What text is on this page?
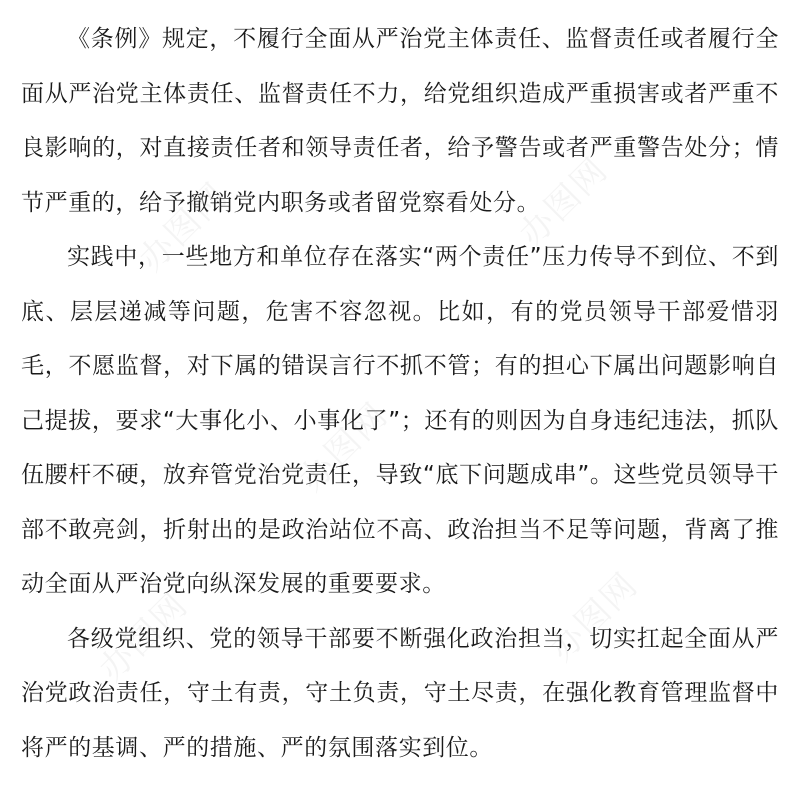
《条例》规定，不履行全面从严治党主体责任、监督责任或者履行全面从严治党主体责任、监督责任不力，给党组织造成严重损害或者严重不良影响的，对直接责任者和领导责任者，给予警告或者严重警告处分；情节严重的，给予撤销党内职务或者留党察看处分。

实践中，一些地方和单位存在落实“两个责任”压力传导不到位、不到底、层层递减等问题，危害不容忽视。比如，有的党员领导干部爱惜羽毛，不愿监督，对下属的错误言行不抓不管；有的担心下属出问题影响自己提拔，要求“大事化小、小事化了”；还有的则因为自身违纪违法，抓队伍腰杆不硬，放弃管党治党责任，导致“底下问题成串”。这些党员领导干部不敢亮剑，折射出的是政治站位不高、政治担当不足等问题，背离了推动全面从严治党向纵深发展的重要要求。

各级党组织、党的领导干部要不断强化政治担当，切实扛起全面从严治党政治责任，守土有责，守土负责，守土尽责，在强化教育管理监督中将严的基调、严的措施、严的氛围落实到位。

办图网	办图网
办图网
办图网	办图网
